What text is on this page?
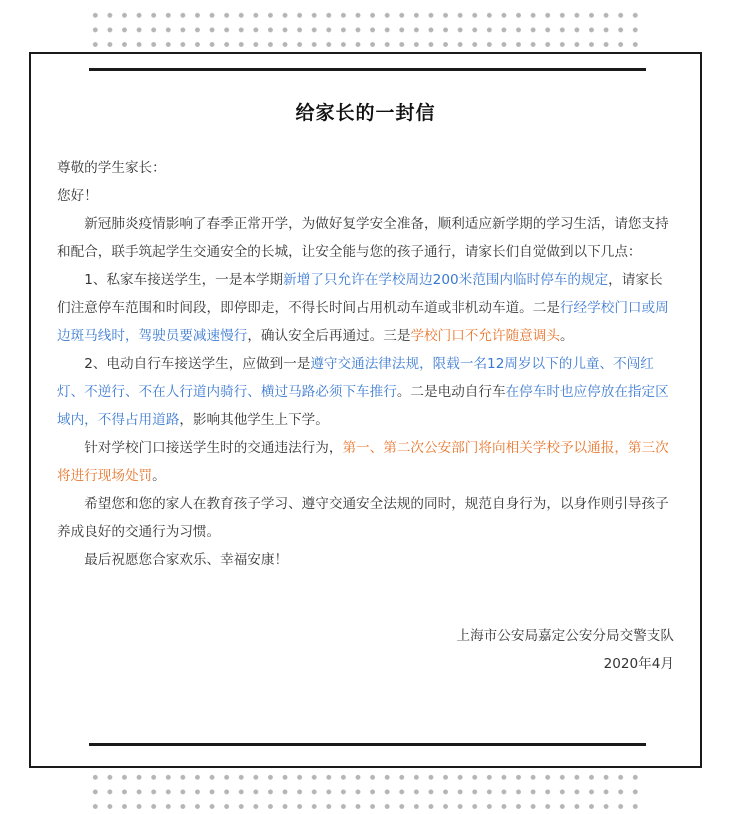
给家长的一封信

尊敬的学生家长：

您好！

新冠肺炎疫情影响了春季正常开学，为做好复学安全准备，顺利适应新学期的学习生活，请您支持和配合，联手筑起学生交通安全的长城，让安全能与您的孩子通行，请家长们自觉做到以下几点：

1、私家车接送学生，一是本学期新增了只允许在学校周边200米范围内临时停车的规定，请家长们注意停车范围和时间段，即停即走，不得长时间占用机动车道或非机动车道。二是行经学校门口或周边斑马线时，驾驶员要减速慢行，确认安全后再通过。三是学校门口不允许随意调头。

2、电动自行车接送学生，应做到一是遵守交通法律法规，限载一名12周岁以下的儿童、不闯红灯、不逆行、不在人行道内骑行、横过马路必须下车推行。二是电动自行车在停车时也应停放在指定区域内，不得占用道路，影响其他学生上下学。

针对学校门口接送学生时的交通违法行为，第一、第二次公安部门将向相关学校予以通报，第三次将进行现场处罚。

希望您和您的家人在教育孩子学习、遵守交通安全法规的同时，规范自身行为，以身作则引导孩子养成良好的交通行为习惯。

最后祝愿您合家欢乐、幸福安康！

上海市公安局嘉定公安分局交警支队
2020年4月
